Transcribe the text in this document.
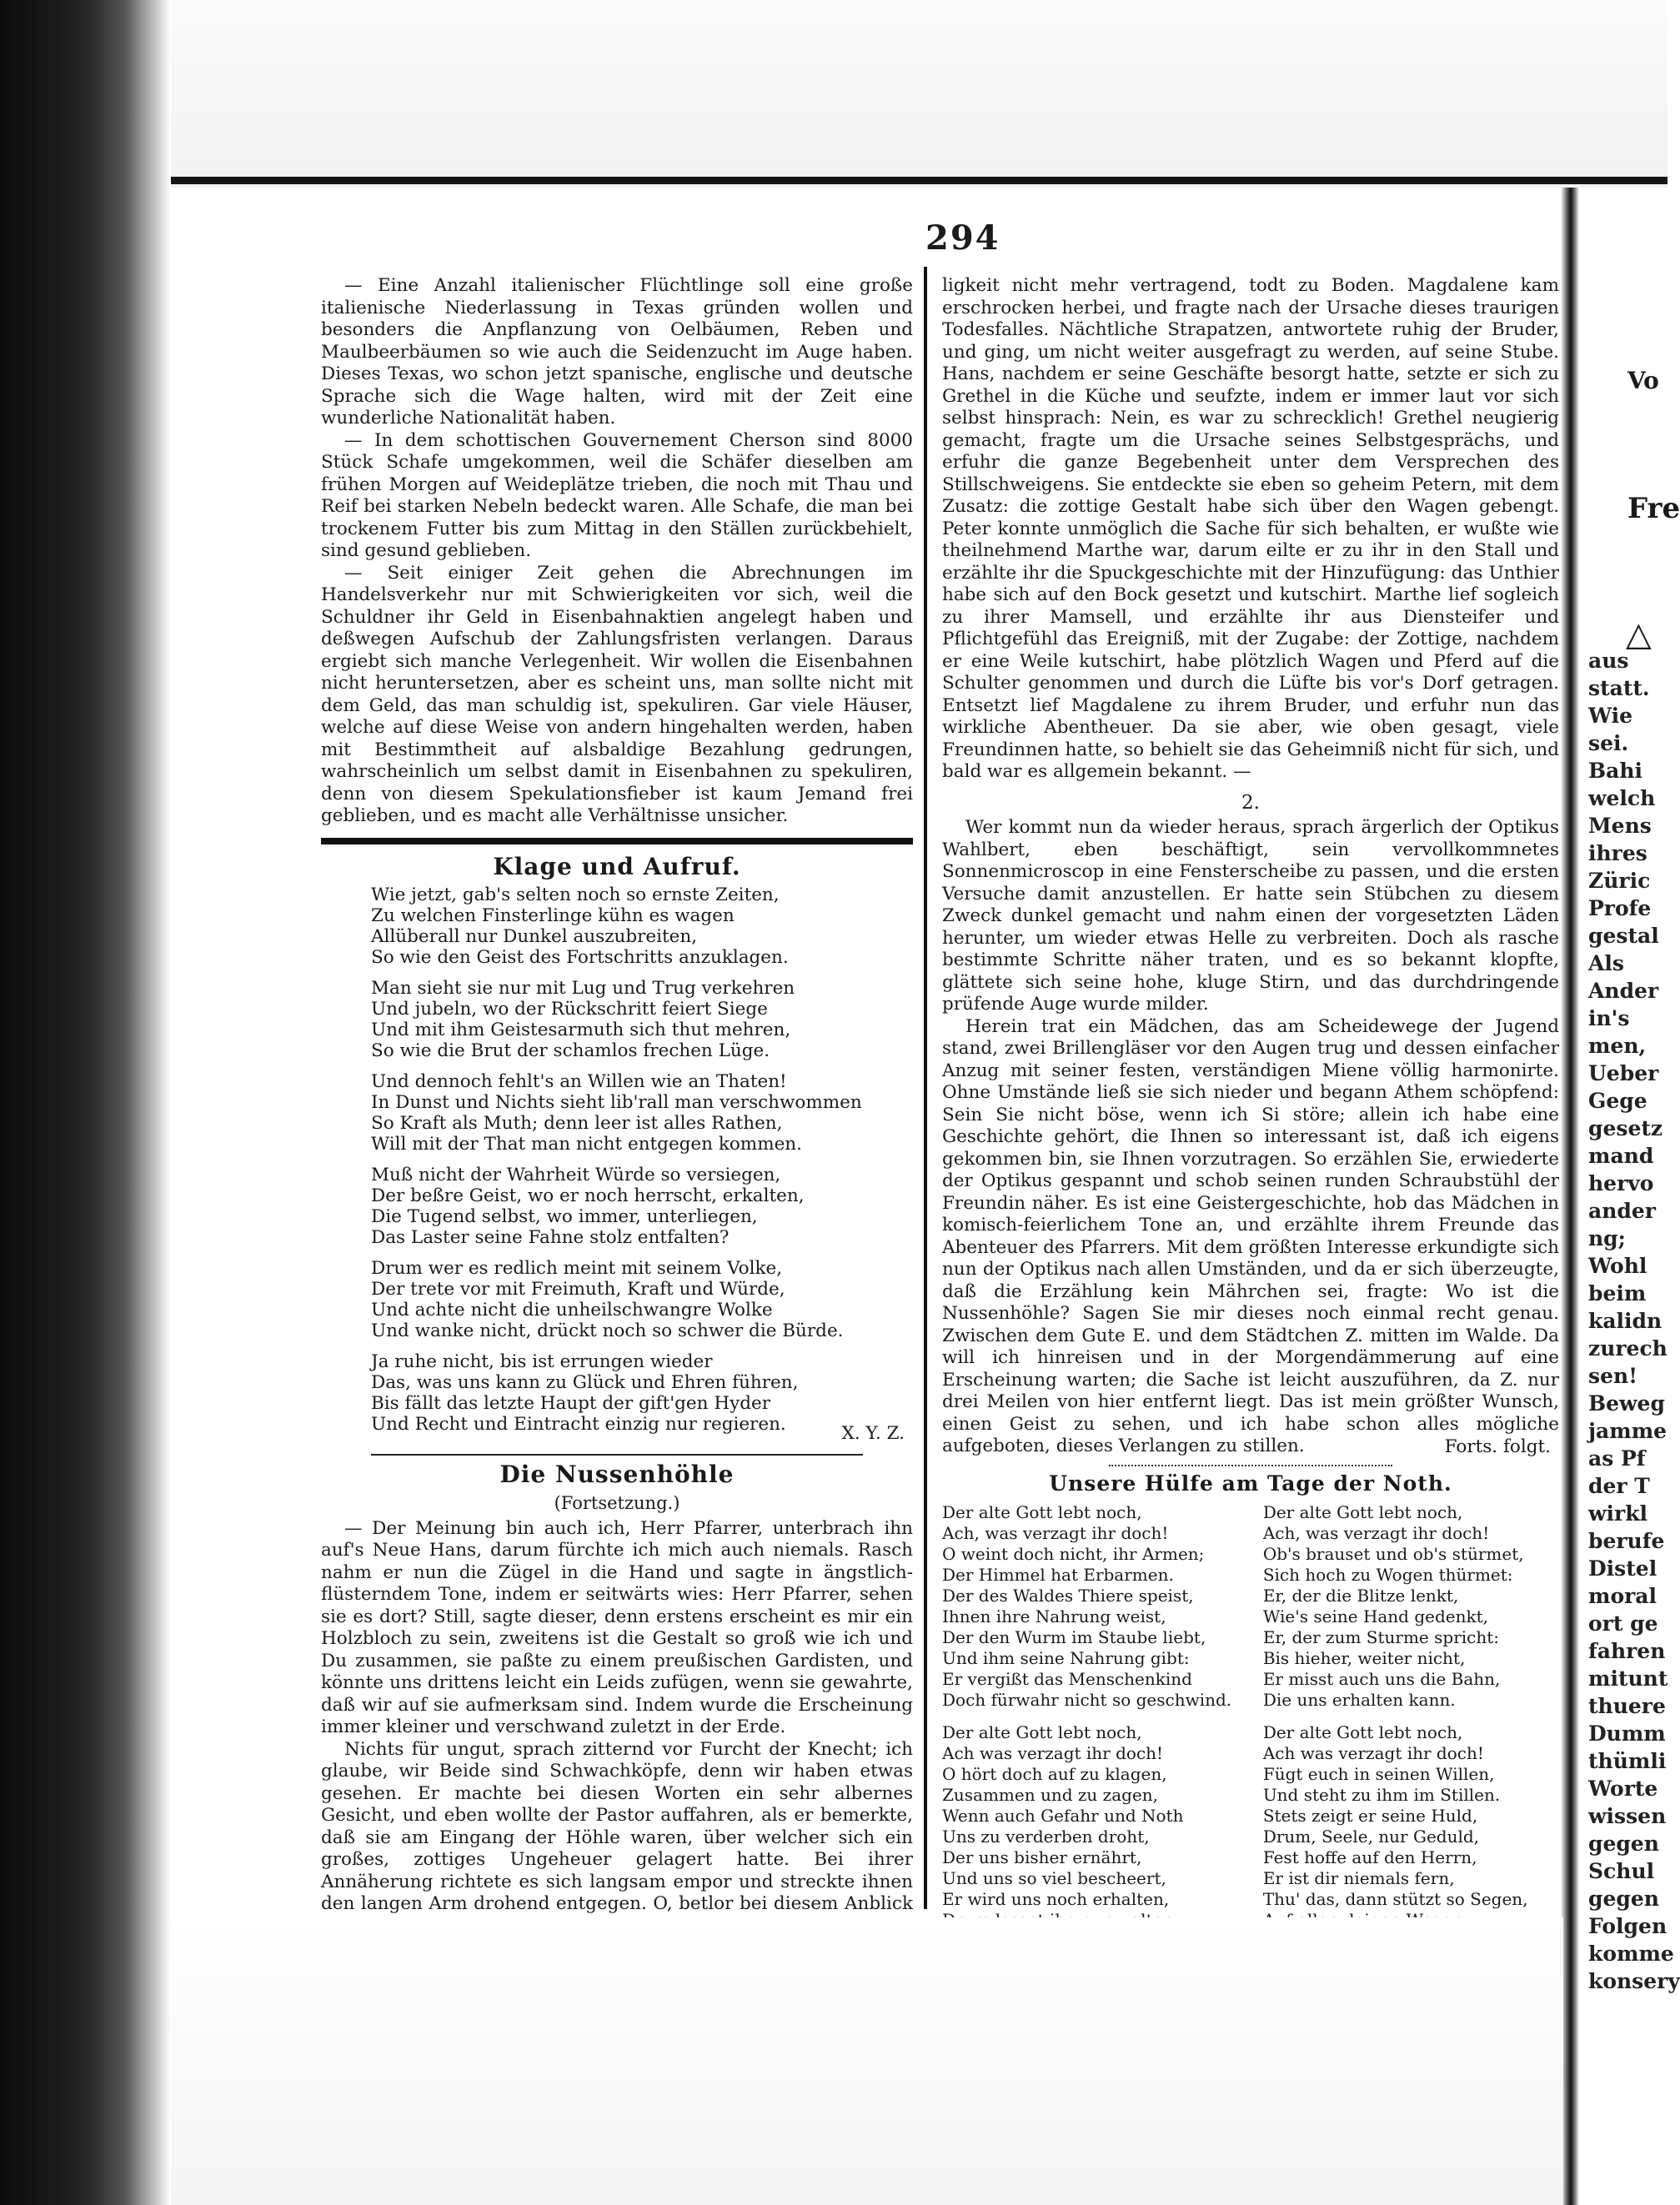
294

— Eine Anzahl italienischer Flüchtlinge soll eine große italienische Niederlassung in Texas gründen wollen und besonders die Anpflanzung von Oelbäumen, Reben und Maulbeerbäumen so wie auch die Seidenzucht im Auge haben. Dieses Texas, wo schon jetzt spanische, englische und deutsche Sprache sich die Wage halten, wird mit der Zeit eine wunderliche Nationalität haben.

— In dem schottischen Gouvernement Cherson sind 8000 Stück Schafe umgekommen, weil die Schäfer dieselben am frühen Morgen auf Weideplätze trieben, die noch mit Thau und Reif bei starken Nebeln bedeckt waren. Alle Schafe, die man bei trockenem Futter bis zum Mittag in den Ställen zurückbehielt, sind gesund geblieben.

— Seit einiger Zeit gehen die Abrechnungen im Handelsverkehr nur mit Schwierigkeiten vor sich, weil die Schuldner ihr Geld in Eisenbahnaktien angelegt haben und deßwegen Aufschub der Zahlungsfristen verlangen. Daraus ergiebt sich manche Verlegenheit. Wir wollen die Eisenbahnen nicht heruntersetzen, aber es scheint uns, man sollte nicht mit dem Geld, das man schuldig ist, spekuliren. Gar viele Häuser, welche auf diese Weise von andern hingehalten werden, haben mit Bestimmtheit auf alsbaldige Bezahlung gedrungen, wahrscheinlich um selbst damit in Eisenbahnen zu spekuliren, denn von diesem Spekulationsfieber ist kaum Jemand frei geblieben, und es macht alle Verhältnisse unsicher.

Klage und Aufruf.
Wie jetzt, gab's selten noch so ernste Zeiten,
Zu welchen Finsterlinge kühn es wagen
Allüberall nur Dunkel auszubreiten,
So wie den Geist des Fortschritts anzuklagen.
Man sieht sie nur mit Lug und Trug verkehren
Und jubeln, wo der Rückschritt feiert Siege
Und mit ihm Geistesarmuth sich thut mehren,
So wie die Brut der schamlos frechen Lüge.
Und dennoch fehlt's an Willen wie an Thaten!
In Dunst und Nichts sieht lib'rall man verschwommen
So Kraft als Muth; denn leer ist alles Rathen,
Will mit der That man nicht entgegen kommen.
Muß nicht der Wahrheit Würde so versiegen,
Der beßre Geist, wo er noch herrscht, erkalten,
Die Tugend selbst, wo immer, unterliegen,
Das Laster seine Fahne stolz entfalten?
Drum wer es redlich meint mit seinem Volke,
Der trete vor mit Freimuth, Kraft und Würde,
Und achte nicht die unheilschwangre Wolke
Und wanke nicht, drückt noch so schwer die Bürde.
Ja ruhe nicht, bis ist errungen wieder
Das, was uns kann zu Glück und Ehren führen,
Bis fällt das letzte Haupt der gift'gen Hyder
Und Recht und Eintracht einzig nur regieren.	X. Y. Z.
Die Nussenhöhle
(Fortsetzung.)

— Der Meinung bin auch ich, Herr Pfarrer, unterbrach ihn auf's Neue Hans, darum fürchte ich mich auch niemals. Rasch nahm er nun die Zügel in die Hand und sagte in ängstlich-flüsterndem Tone, indem er seitwärts wies: Herr Pfarrer, sehen sie es dort? Still, sagte dieser, denn erstens erscheint es mir ein Holzbloch zu sein, zweitens ist die Gestalt so groß wie ich und Du zusammen, sie paßte zu einem preußischen Gardisten, und könnte uns drittens leicht ein Leids zufügen, wenn sie gewahrte, daß wir auf sie aufmerksam sind. Indem wurde die Erscheinung immer kleiner und verschwand zuletzt in der Erde.

Nichts für ungut, sprach zitternd vor Furcht der Knecht; ich glaube, wir Beide sind Schwachköpfe, denn wir haben etwas gesehen. Er machte bei diesen Worten ein sehr albernes Gesicht, und eben wollte der Pastor auffahren, als er bemerkte, daß sie am Eingang der Höhle waren, über welcher sich ein großes, zottiges Ungeheuer gelagert hatte. Bei ihrer Annäherung richtete es sich langsam empor und streckte ihnen den langen Arm drohend entgegen. O, betlor bei diesem Anblick

ligkeit nicht mehr vertragend, todt zu Boden. Magdalene kam erschrocken herbei, und fragte nach der Ursache dieses traurigen Todesfalles. Nächtliche Strapatzen, antwortete ruhig der Bruder, und ging, um nicht weiter ausgefragt zu werden, auf seine Stube. Hans, nachdem er seine Geschäfte besorgt hatte, setzte er sich zu Grethel in die Küche und seufzte, indem er immer laut vor sich selbst hinsprach: Nein, es war zu schrecklich! Grethel neugierig gemacht, fragte um die Ursache seines Selbstgesprächs, und erfuhr die ganze Begebenheit unter dem Versprechen des Stillschweigens. Sie entdeckte sie eben so geheim Petern, mit dem Zusatz: die zottige Gestalt habe sich über den Wagen gebengt. Peter konnte unmöglich die Sache für sich behalten, er wußte wie theilnehmend Marthe war, darum eilte er zu ihr in den Stall und erzählte ihr die Spuckgeschichte mit der Hinzufügung: das Unthier habe sich auf den Bock gesetzt und kutschirt. Marthe lief sogleich zu ihrer Mamsell, und erzählte ihr aus Diensteifer und Pflichtgefühl das Ereigniß, mit der Zugabe: der Zottige, nachdem er eine Weile kutschirt, habe plötzlich Wagen und Pferd auf die Schulter genommen und durch die Lüfte bis vor's Dorf getragen. Entsetzt lief Magdalene zu ihrem Bruder, und erfuhr nun das wirkliche Abentheuer. Da sie aber, wie oben gesagt, viele Freundinnen hatte, so behielt sie das Geheimniß nicht für sich, und bald war es allgemein bekannt. —

2.

Wer kommt nun da wieder heraus, sprach ärgerlich der Optikus Wahlbert, eben beschäftigt, sein vervollkommnetes Sonnenmicroscop in eine Fensterscheibe zu passen, und die ersten Versuche damit anzustellen. Er hatte sein Stübchen zu diesem Zweck dunkel gemacht und nahm einen der vorgesetzten Läden herunter, um wieder etwas Helle zu verbreiten. Doch als rasche bestimmte Schritte näher traten, und es so bekannt klopfte, glättete sich seine hohe, kluge Stirn, und das durchdringende prüfende Auge wurde milder.

Herein trat ein Mädchen, das am Scheidewege der Jugend stand, zwei Brillengläser vor den Augen trug und dessen einfacher Anzug mit seiner festen, verständigen Miene völlig harmonirte. Ohne Umstände ließ sie sich nieder und begann Athem schöpfend: Sein Sie nicht böse, wenn ich Si störe; allein ich habe eine Geschichte gehört, die Ihnen so interessant ist, daß ich eigens gekommen bin, sie Ihnen vorzutragen. So erzählen Sie, erwiederte der Optikus gespannt und schob seinen runden Schraubstühl der Freundin näher. Es ist eine Geistergeschichte, hob das Mädchen in komisch-feierlichem Tone an, und erzählte ihrem Freunde das Abenteuer des Pfarrers. Mit dem größten Interesse erkundigte sich nun der Optikus nach allen Umständen, und da er sich überzeugte, daß die Erzählung kein Mährchen sei, fragte: Wo ist die Nussenhöhle? Sagen Sie mir dieses noch einmal recht genau. Zwischen dem Gute E. und dem Städtchen Z. mitten im Walde. Da will ich hinreisen und in der Morgendämmerung auf eine Erscheinung warten; die Sache ist leicht auszuführen, da Z. nur drei Meilen von hier entfernt liegt. Das ist mein größter Wunsch, einen Geist zu sehen, und ich habe schon alles mögliche aufgeboten, dieses Verlangen zu stillen.	Forts. folgt.
Unsere Hülfe am Tage der Noth.
Der alte Gott lebt noch,
Ach, was verzagt ihr doch!
O weint doch nicht, ihr Armen;
Der Himmel hat Erbarmen.
Der des Waldes Thiere speist,
Ihnen ihre Nahrung weist,
Der den Wurm im Staube liebt,
Und ihm seine Nahrung gibt:
Er vergißt das Menschenkind
Doch fürwahr nicht so geschwind.
Der alte Gott lebt noch,
Ach was verzagt ihr doch!
O hört doch auf zu klagen,
Zusammen und zu zagen,
Wenn auch Gefahr und Noth
Uns zu verderben droht,
Der uns bisher ernährt,
Und uns so viel bescheert,
Er wird uns noch erhalten,
Der alte Gott lebt noch,
Ach, was verzagt ihr doch!
Ob's brauset und ob's stürmet,
Sich hoch zu Wogen thürmet:
Er, der die Blitze lenkt,
Wie's seine Hand gedenkt,
Er, der zum Sturme spricht:
Bis hieher, weiter nicht,
Er misst auch uns die Bahn,
Die uns erhalten kann.
Der alte Gott lebt noch,
Ach was verzagt ihr doch!
Fügt euch in seinen Willen,
Und steht zu ihm im Stillen.
Stets zeigt er seine Huld,
Drum, Seele, nur Geduld,
Fest hoffe auf den Herrn,
Er ist dir niemals fern,
Thu' das, dann stützt so Segen,
Vo
Fre
△
aus
statt.
Wie
sei.
Bahi
welch
Mens
ihres
Züric
Profe
gestal
Als
Ander
in's
men,
Ueber
Gege
gesetz
mand
hervo
ander
ng;
Wohl
beim
kalidn
zurech
sen!
Beweg
jamme
as Pf
der T
wirkl
berufe
Distel
moral
ort ge
fahren
mitunt
thuere
Dumm
thümli
Worte
wissen
gegen
Schul
gegen
Folgen
komme
konsery
